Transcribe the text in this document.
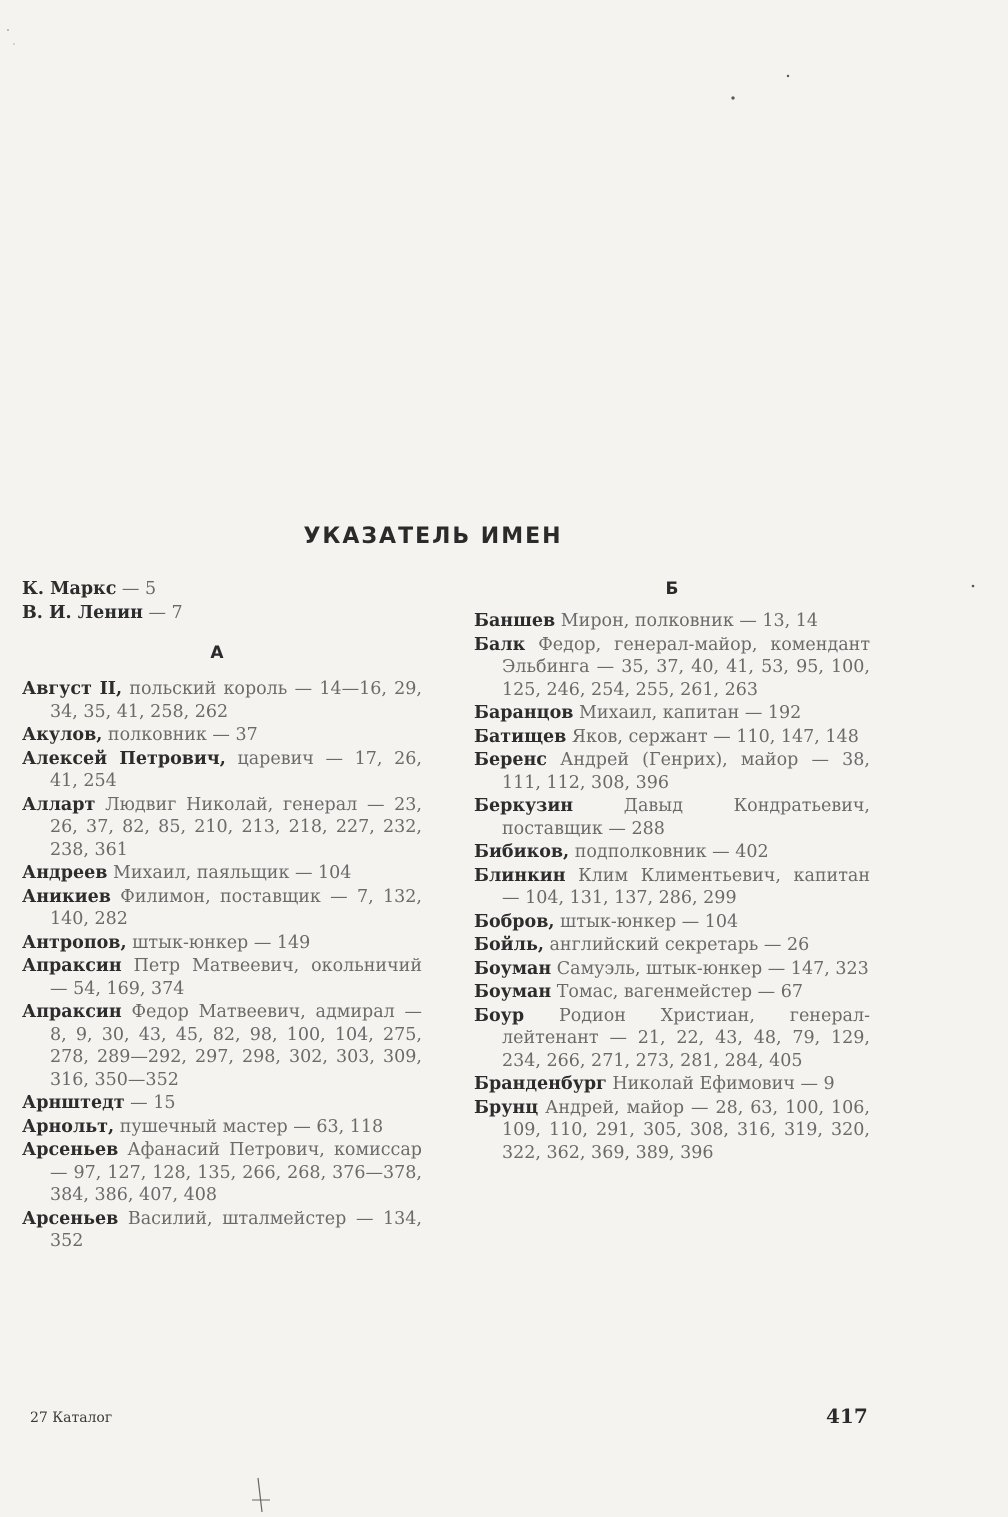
УКАЗАТЕЛЬ ИМЕН
К. Маркс — 5
В. И. Ленин — 7
А
Август II, польский король — 14—16, 29, 34, 35, 41, 258, 262
Акулов, полковник — 37
Алексей Петрович, царевич — 17, 26, 41, 254
Алларт Людвиг Николай, генерал — 23, 26, 37, 82, 85, 210, 213, 218, 227, 232, 238, 361
Андреев Михаил, паяльщик — 104
Аникиев Филимон, поставщик — 7, 132, 140, 282
Антропов, штык-юнкер — 149
Апраксин Петр Матвеевич, окольничий — 54, 169, 374
Апраксин Федор Матвеевич, адмирал — 8, 9, 30, 43, 45, 82, 98, 100, 104, 275, 278, 289—292, 297, 298, 302, 303, 309, 316, 350—352
Арнштедт — 15
Арнольт, пушечный мастер — 63, 118
Арсеньев Афанасий Петрович, комиссар — 97, 127, 128, 135, 266, 268, 376—378, 384, 386, 407, 408
Арсеньев Василий, шталмейстер — 134, 352
Б
Баншев Мирон, полковник — 13, 14
Балк Федор, генерал-майор, комендант Эльбинга — 35, 37, 40, 41, 53, 95, 100, 125, 246, 254, 255, 261, 263
Баранцов Михаил, капитан — 192
Батищев Яков, сержант — 110, 147, 148
Беренс Андрей (Генрих), майор — 38, 111, 112, 308, 396
Беркузин Давыд Кондратьевич, поставщик — 288
Бибиков, подполковник — 402
Блинкин Клим Климентьевич, капитан — 104, 131, 137, 286, 299
Бобров, штык-юнкер — 104
Бойль, английский секретарь — 26
Боуман Самуэль, штык-юнкер — 147, 323
Боуман Томас, вагенмейстер — 67
Боур Родион Христиан, генерал-лейтенант — 21, 22, 43, 48, 79, 129, 234, 266, 271, 273, 281, 284, 405
Бранденбург Николай Ефимович — 9
Брунц Андрей, майор — 28, 63, 100, 106, 109, 110, 291, 305, 308, 316, 319, 320, 322, 362, 369, 389, 396
27 Каталог	417
